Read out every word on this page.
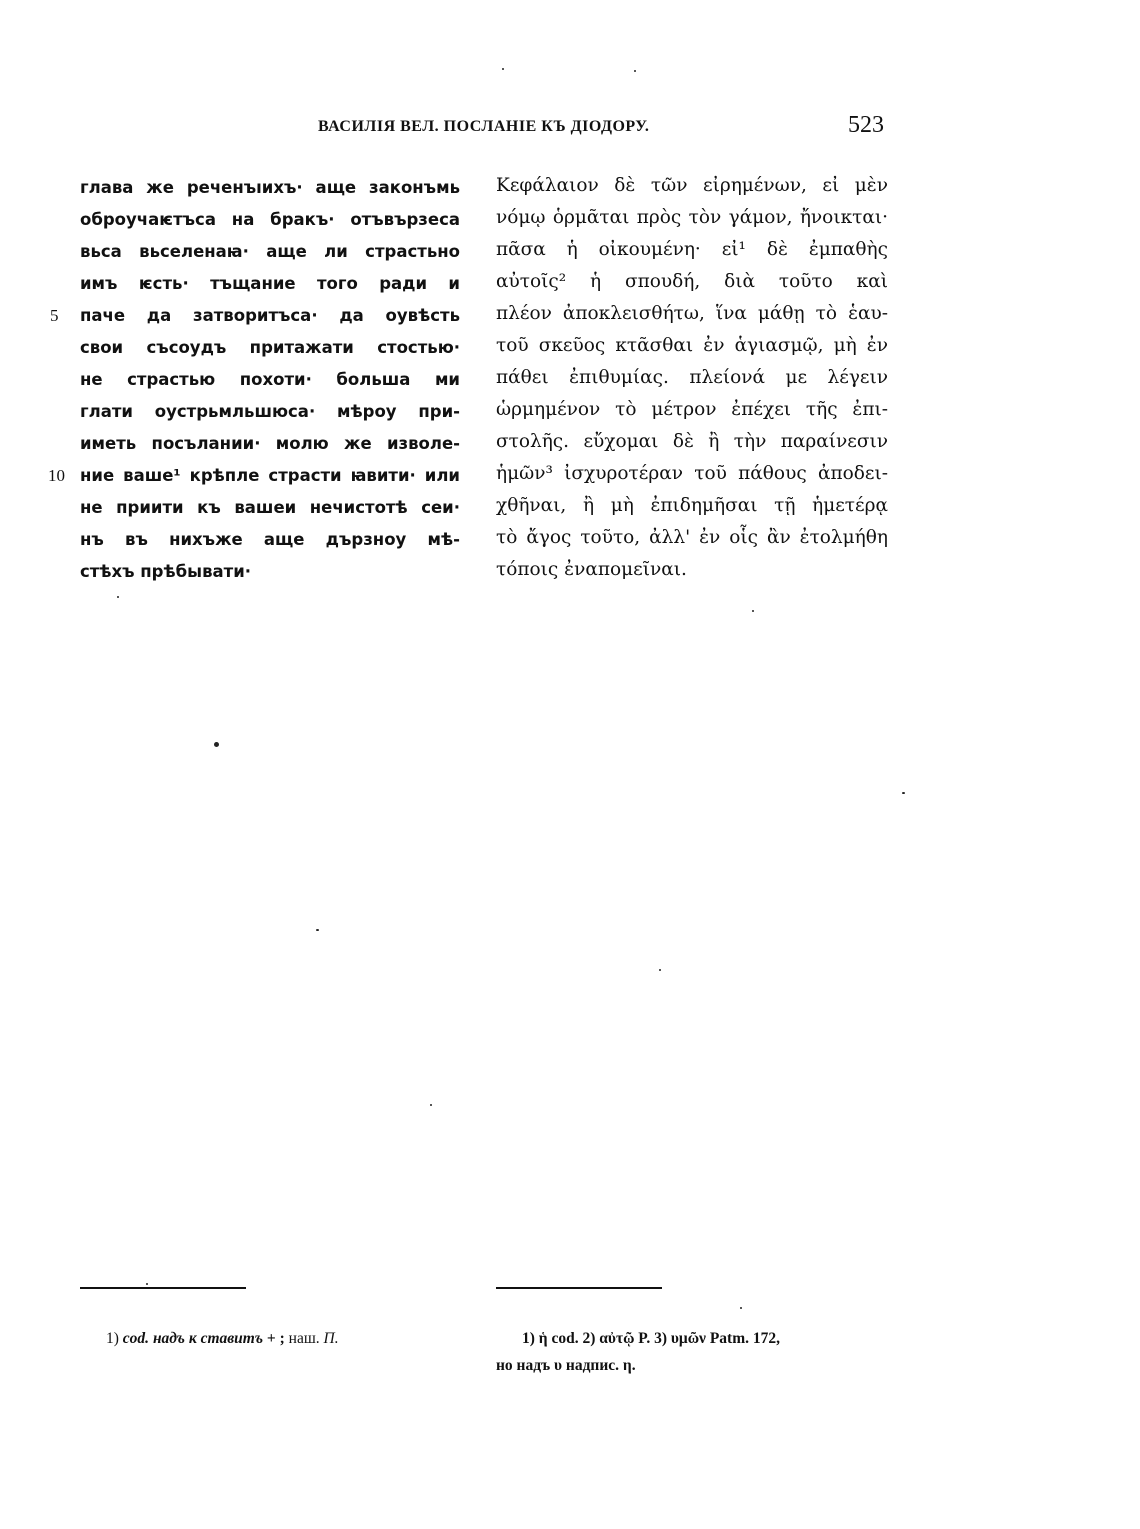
ВАСИЛІЯ ВЕЛ. ПОСЛАНІЕ КЪ ДІОДОРУ.	523
5
10
глава же реченъıихъ· аще законъмь
оброучаѥтъса на бракъ· отъвързеса
вьса вьселенаꙗ· аще ли страстьно
имъ ѥсть· тъщание того ради и
паче да затворитъса· да оувѣсть
свои съсоудъ притажати стостью·
не страстью похоти· больша ми
глати оустрьмльшюса· мѣроу при-
иметь посълании· молю же изволе-
ние ваше¹ крѣпле страсти ꙗвити· или
не приити къ вашеи нечистотѣ сеи·
нъ въ нихъже аще дързноу мѣ-
стѣхъ прѣбывати·
Κεφάλαιον δὲ τῶν εἰρημένων, εἰ μὲν
νόμῳ ὁρμᾶται πρὸς τὸν γάμον, ἤνοικται·
πᾶσα ἡ οἰκουμένη· εἰ¹ δὲ ἐμπαθὴς
αὐτοῖς² ἡ σπουδή, διὰ τοῦτο καὶ
πλέον ἀποκλεισθήτω, ἵνα μάθῃ τὸ ἑαυ-
τοῦ σκεῦος κτᾶσθαι ἐν ἁγιασμῷ, μὴ ἐν
πάθει ἐπιθυμίας. πλείονά με λέγειν
ὡρμημένον τὸ μέτρον ἐπέχει τῆς ἐπι-
στολῆς. εὔχομαι δὲ ἢ τὴν παραίνεσιν
ἡμῶν³ ἰσχυροτέραν τοῦ πάθους ἀποδει-
χθῆναι, ἢ μὴ ἐπιδημῆσαι τῇ ἡμετέρᾳ
τὸ ἄγος τοῦτο, ἀλλ' ἐν οἷς ἂν ἐτολμήθη
τόποις ἐναπομεῖναι.
1) cod. надъ к ставитъ + ; наш. П.	1) ἡ cod. 2) αὐτῷ P. 3) υμῶν Patm. 172,
но надъ υ надпис. η.
